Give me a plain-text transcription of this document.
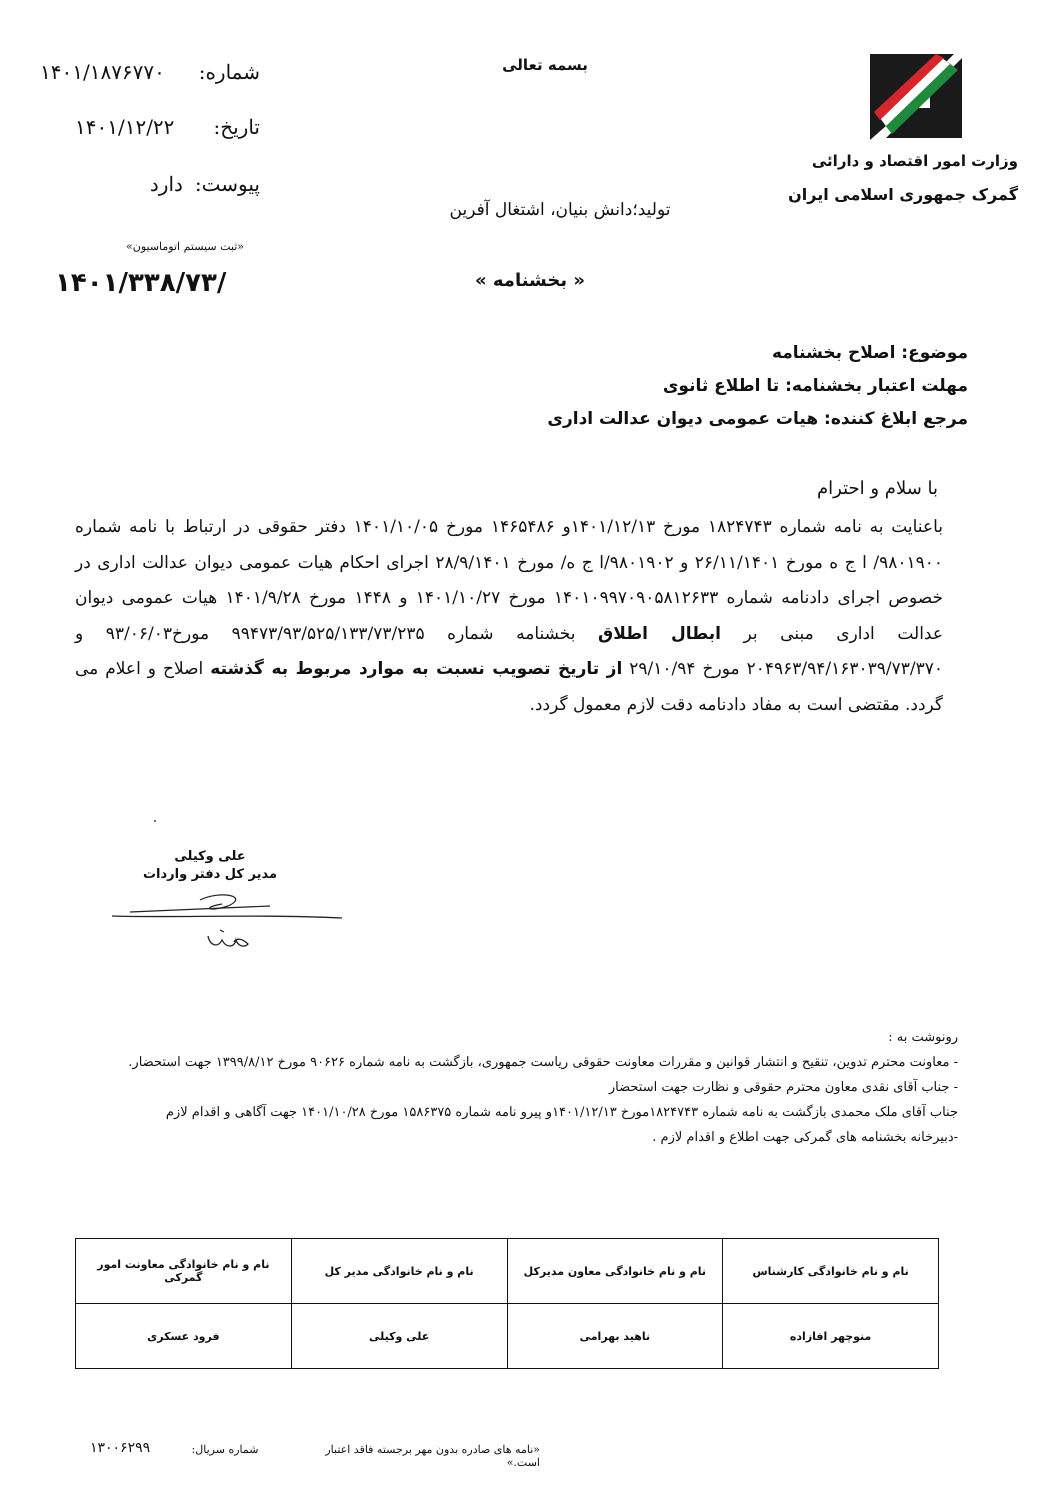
وزارت امور اقتصاد و دارائی
گمرک جمهوری اسلامی ایران
بسمه تعالی
تولید؛دانش بنیان، اشتغال آفرین
« بخشنامه »
۱۴۰۱/۱۸۷۶۷۷۰ شماره:
۱۴۰۱/۱۲/۲۲ تاریخ:
دارد پیوست:
«ثبت سیستم اتوماسیون»
۱۴۰۱/۳۳۸/۷۳/
موضوع: اصلاح بخشنامه
مهلت اعتبار بخشنامه: تا اطلاع ثانوی
مرجع ابلاغ کننده: هیات عمومی دیوان عدالت اداری
با سلام و احترام
باعنایت به نامه شماره ۱۸۲۴۷۴۳ مورخ ۱۴۰۱/۱۲/۱۳و ۱۴۶۵۴۸۶ مورخ ۱۴۰۱/۱۰/۰۵ دفتر حقوقی در ارتباط با نامه شماره ۹۸۰۱۹۰۰/ ا ج ه مورخ ۲۶/۱۱/۱۴۰۱ و ۹۸۰۱۹۰۲/ا ج ه/ مورخ ۲۸/۹/۱۴۰۱ اجرای احکام هیات عمومی دیوان عدالت اداری در خصوص اجرای دادنامه شماره ۱۴۰۱۰۹۹۷۰۹۰۵۸۱۲۶۳۳ مورخ ۱۴۰۱/۱۰/۲۷ و ۱۴۴۸ مورخ ۱۴۰۱/۹/۲۸ هیات عمومی دیوان عدالت اداری مبنی بر ابطال اطلاق بخشنامه شماره ۹۹۴۷۳/۹۳/۵۲۵/۱۳۳/۷۳/۲۳۵ مورخ۹۳/۰۶/۰۳ و ۲۰۴۹۶۳/۹۴/۱۶۳۰۳۹/۷۳/۳۷۰ مورخ ۲۹/۱۰/۹۴ از تاریخ تصویب نسبت به موارد مربوط به گذشته اصلاح و اعلام می گردد. مقتضی است به مفاد دادنامه دقت لازم معمول گردد.
علی وکیلی
مدیر کل دفتر واردات
رونوشت به :
- معاونت محترم تدوین، تنقیح و انتشار قوانین و مقررات معاونت حقوقی ریاست جمهوری، بازگشت به نامه شماره ۹۰۶۲۶ مورخ ۱۳۹۹/۸/۱۲ جهت استحضار.
- جناب آقای نقدی معاون محترم حقوقی و نظارت جهت استحضار
جناب آقای ملک محمدی بازگشت به نامه شماره ۱۸۲۴۷۴۳مورخ ۱۴۰۱/۱۲/۱۳و پیرو نامه شماره ۱۵۸۶۳۷۵ مورخ ۱۴۰۱/۱۰/۲۸ جهت آگاهی و اقدام لازم
-دبیرخانه بخشنامه های گمرکی جهت اطلاع و اقدام لازم .
نام و نام خانوادگی کارشناس	نام و نام خانوادگی معاون مدیرکل	نام و نام خانوادگی مدیر کل	نام و نام خانوادگی معاونت امور گمرکی
منوچهر افازاده	ناهید بهرامی	علی وکیلی	فرود عسکری
«نامه های صادره بدون مهر برجسته فاقد اعتبار است.»
شماره سریال:
۱۳۰۰۶۲۹۹
